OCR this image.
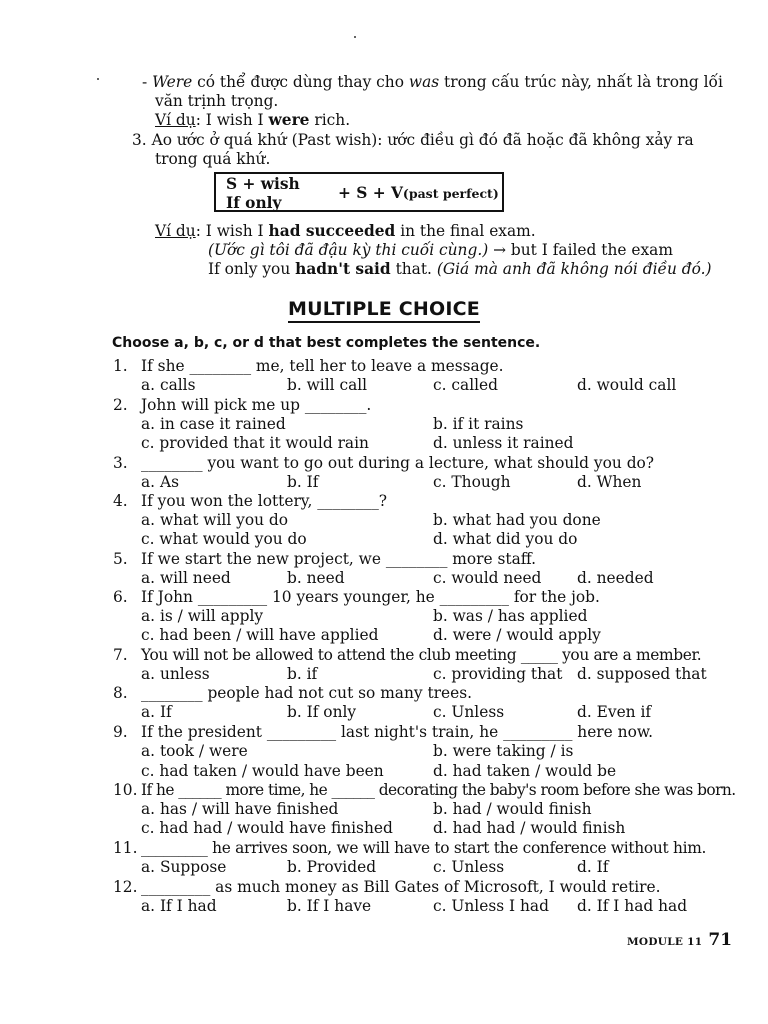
- Were có thể được dùng thay cho was trong cấu trúc này, nhất là trong lối
văn trịnh trọng.
Ví dụ: I wish I were rich.
3. Ao ước ở quá khứ (Past wish): ước điều gì đó đã hoặc đã không xảy ra
trong quá khứ.
S + wish
If only
+ S + V(past perfect)
Ví dụ: I wish I had succeeded in the final exam.
(Ước gì tôi đã đậu kỳ thi cuối cùng.) → but I failed the exam
If only you hadn't said that. (Giá mà anh đã không nói điều đó.)
MULTIPLE CHOICE
Choose a, b, c, or d that best completes the sentence.
1. If she ________ me, tell her to leave a message.
a. calls	b. will call	c. called	d. would call
2. John will pick me up ________.
a. in case it rained	b. if it rains
c. provided that it would rain	d. unless it rained
3. ________ you want to go out during a lecture, what should you do?
a. As	b. If	c. Though	d. When
4. If you won the lottery, ________?
a. what will you do	b. what had you done
c. what would you do	d. what did you do
5. If we start the new project, we ________ more staff.
a. will need	b. need	c. would need d. needed
6. If John _________ 10 years younger, he _________ for the job.
a. is / will apply	b. was / has applied
c. had been / will have applied	d. were / would apply
7. You will not be allowed to attend the club meeting _____ you are a member.
a. unless	b. if	c. providing that d. supposed that
8. ________ people had not cut so many trees.
a. If	b. If only	c. Unless	d. Even if
9. If the president _________ last night's train, he _________ here now.
a. took / were	b. were taking / is
c. had taken / would have been	d. had taken / would be
10. If he ______ more time, he ______ decorating the baby's room before she was born.
a. has / will have finished	b. had / would finish
c. had had / would have finished	d. had had / would finish
11. _________ he arrives soon, we will have to start the conference without him.
a. Suppose	b. Provided	c. Unless	d. If
12. _________ as much money as Bill Gates of Microsoft, I would retire.
a. If I had	b. If I have	c. Unless I had d. If I had had
MODULE 11 71
